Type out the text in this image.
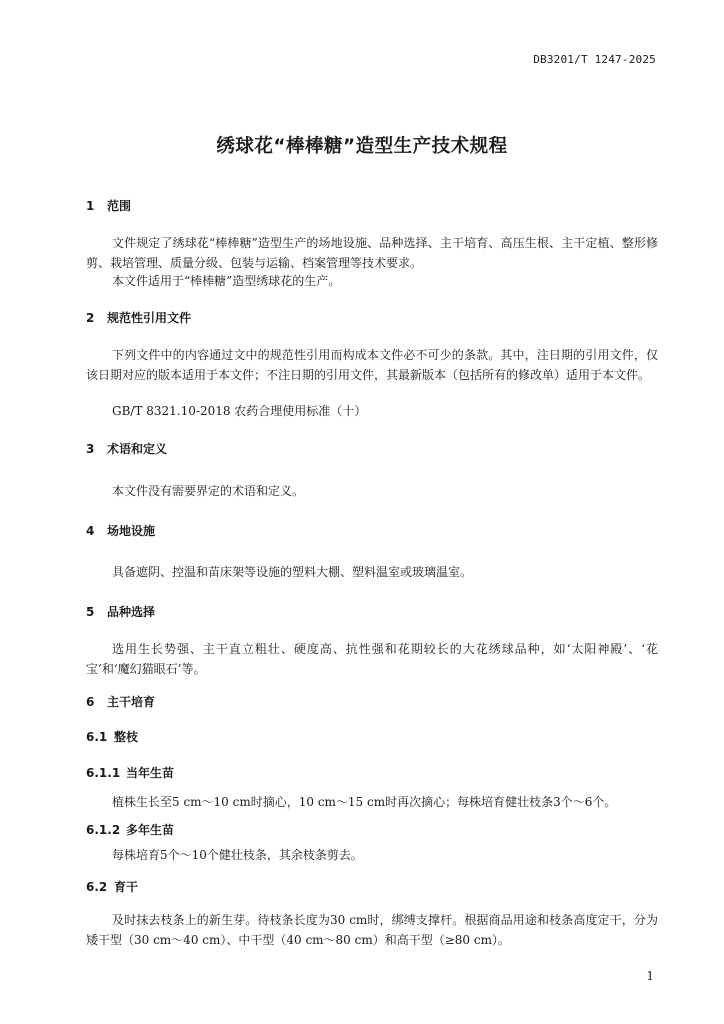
DB3201/T 1247-2025
绣球花“棒棒糖”造型生产技术规程
1 范围

文件规定了绣球花“棒棒糖”造型生产的场地设施、品种选择、主干培育、高压生根、主干定植、整形修剪、栽培管理、质量分级、包装与运输、档案管理等技术要求。

本文件适用于“棒棒糖”造型绣球花的生产。

2 规范性引用文件

下列文件中的内容通过文中的规范性引用而构成本文件必不可少的条款。其中，注日期的引用文件，仅该日期对应的版本适用于本文件；不注日期的引用文件，其最新版本（包括所有的修改单）适用于本文件。

GB/T 8321.10-2018 农药合理使用标准（十）

3 术语和定义

本文件没有需要界定的术语和定义。

4 场地设施

具备遮阴、控温和苗床架等设施的塑料大棚、塑料温室或玻璃温室。

5 品种选择

选用生长势强、主干直立粗壮、硬度高、抗性强和花期较长的大花绣球品种，如‘太阳神殿’、‘花宝’和‘魔幻猫眼石’等。

6 主干培育
6.1 整枝
6.1.1 当年生苗

植株生长至5 cm～10 cm时摘心，10 cm～15 cm时再次摘心；每株培育健壮枝条3个～6个。

6.1.2 多年生苗

每株培育5个～10个健壮枝条，其余枝条剪去。

6.2 育干

及时抹去枝条上的新生芽。待枝条长度为30 cm时，绑缚支撑杆。根据商品用途和枝条高度定干，分为矮干型（30 cm～40 cm）、中干型（40 cm～80 cm）和高干型（≥80 cm）。

1
